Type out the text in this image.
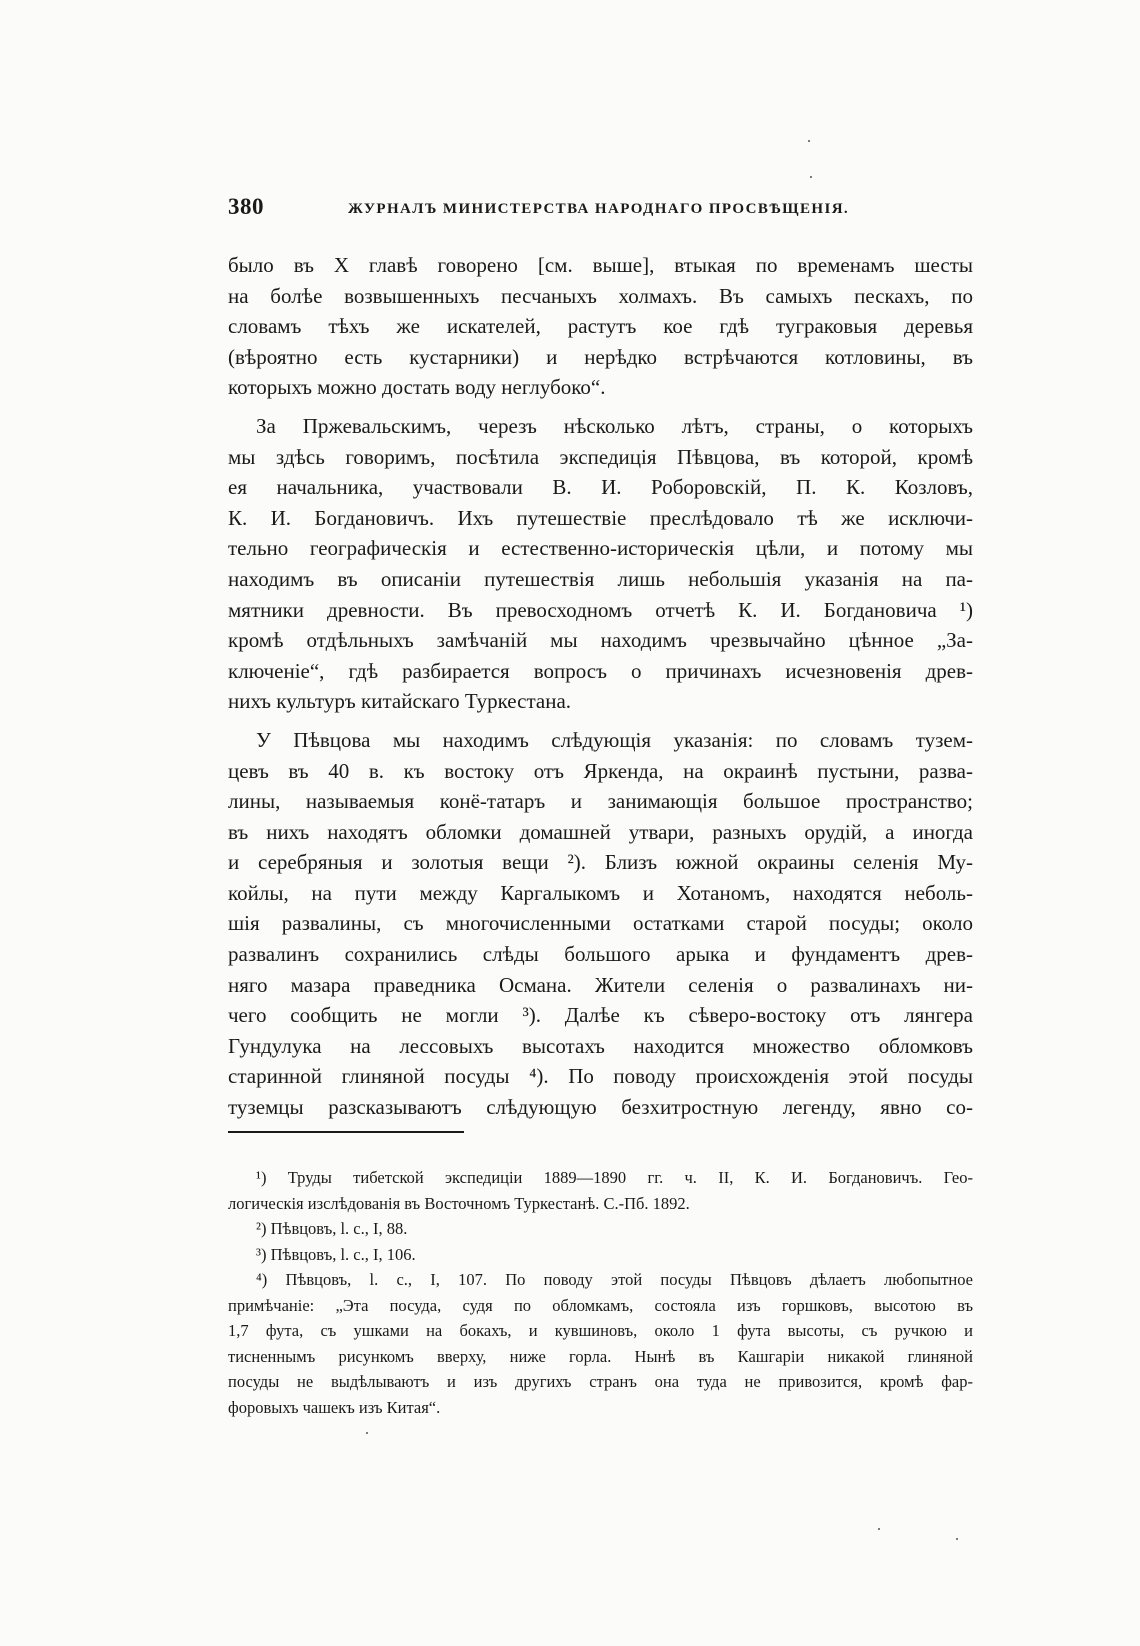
380	ЖУРНАЛЪ МИНИСТЕРСТВА НАРОДНАГО ПРОСВѢЩЕНІЯ.
было въ X главѣ говорено [см. выше], втыкая по временамъ шесты
на болѣе возвышенныхъ песчаныхъ холмахъ. Въ самыхъ пескахъ, по
словамъ тѣхъ же искателей, растутъ кое гдѣ туграковыя деревья
(вѣроятно есть кустарники) и нерѣдко встрѣчаются котловины, въ
которыхъ можно достать воду неглубоко“.
За Пржевальскимъ, черезъ нѣсколько лѣтъ, страны, о которыхъ
мы здѣсь говоримъ, посѣтила экспедиція Пѣвцова, въ которой, кромѣ
ея начальника, участвовали В. И. Роборовскій, П. К. Козловъ,
К. И. Богдановичъ. Ихъ путешествіе преслѣдовало тѣ же исключи-
тельно географическія и естественно-историческія цѣли, и потому мы
находимъ въ описаніи путешествія лишь небольшія указанія на па-
мятники древности. Въ превосходномъ отчетѣ К. И. Богдановича ¹)
кромѣ отдѣльныхъ замѣчаній мы находимъ чрезвычайно цѣнное „За-
ключеніе“, гдѣ разбирается вопросъ о причинахъ исчезновенія древ-
нихъ культуръ китайскаго Туркестана.
У Пѣвцова мы находимъ слѣдующія указанія: по словамъ тузем-
цевъ въ 40 в. къ востоку отъ Яркенда, на окраинѣ пустыни, разва-
лины, называемыя конё-татаръ и занимающія большое пространство;
въ нихъ находятъ обломки домашней утвари, разныхъ орудій, а иногда
и серебряныя и золотыя вещи ²). Близъ южной окраины селенія Му-
койлы, на пути между Каргалыкомъ и Хотаномъ, находятся неболь-
шія развалины, съ многочисленными остатками старой посуды; около
развалинъ сохранились слѣды большого арыка и фундаментъ древ-
няго мазара праведника Османа. Жители селенія о развалинахъ ни-
чего сообщить не могли ³). Далѣе къ сѣверо-востоку отъ лянгера
Гундулука на лессовыхъ высотахъ находится множество обломковъ
старинной глиняной посуды ⁴). По поводу происхожденія этой посуды
туземцы разсказываютъ слѣдующую безхитростную легенду, явно со-
¹) Труды тибетской экспедиціи 1889—1890 гг. ч. II, К. И. Богдановичъ. Гео-
логическія изслѣдованія въ Восточномъ Туркестанѣ. С.-Пб. 1892.
²) Пѣвцовъ, l. c., I, 88.
³) Пѣвцовъ, l. c., I, 106.
⁴) Пѣвцовъ, l. c., I, 107. По поводу этой посуды Пѣвцовъ дѣлаетъ любопытное
примѣчаніе: „Эта посуда, судя по обломкамъ, состояла изъ горшковъ, высотою въ
1,7 фута, съ ушками на бокахъ, и кувшиновъ, около 1 фута высоты, съ ручкою и
тисненнымъ рисункомъ вверху, ниже горла. Нынѣ въ Кашгаріи никакой глиняной
посуды не выдѣлываютъ и изъ другихъ странъ она туда не привозится, кромѣ фар-
форовыхъ чашекъ изъ Китая“.
